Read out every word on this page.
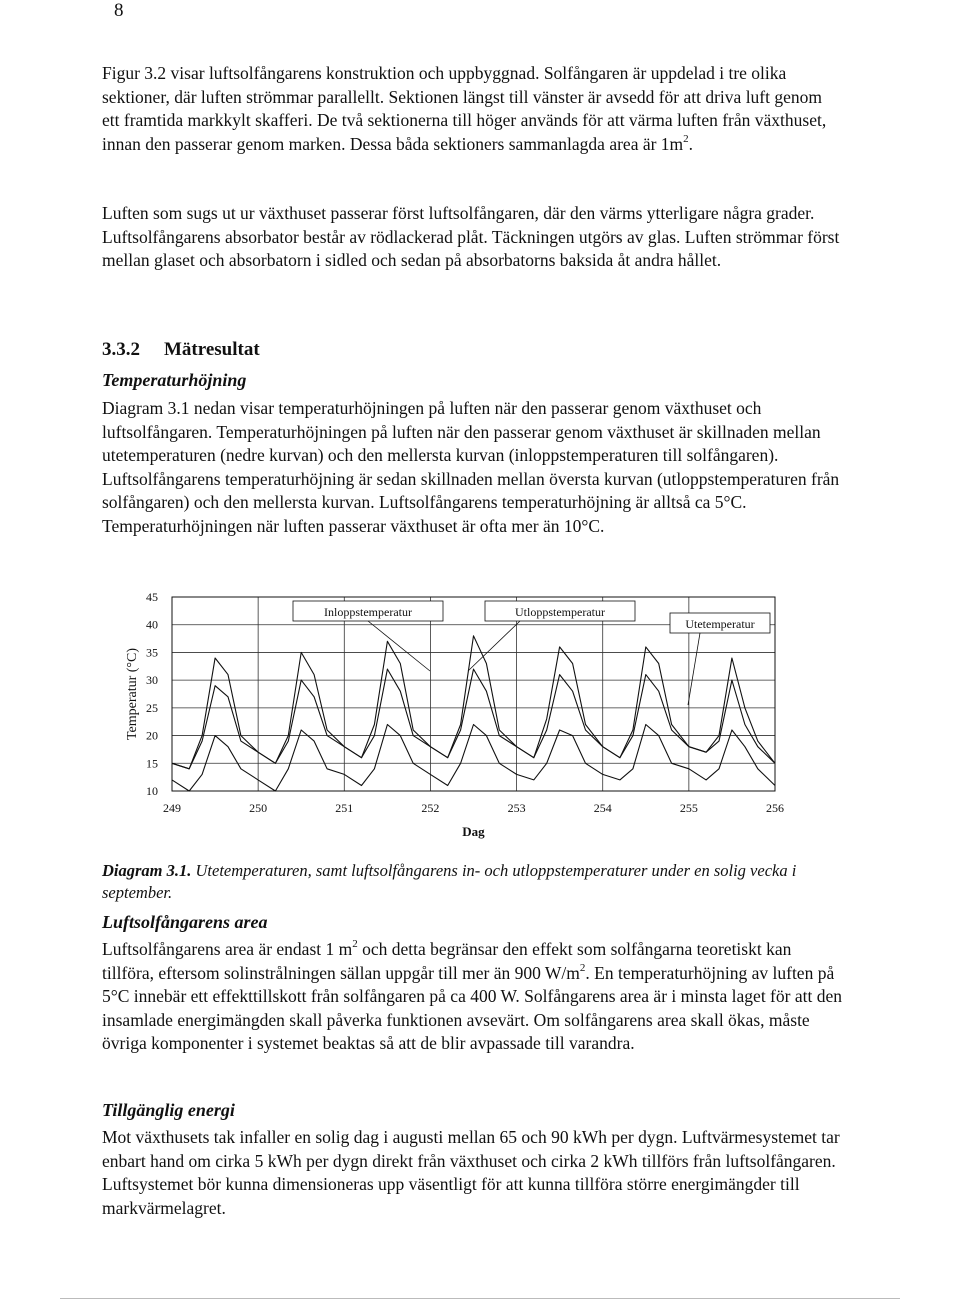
8

Figur 3.2 visar luftsolfångarens konstruktion och uppbyggnad. Solfångaren är uppdelad i tre olika sektioner, där luften strömmar parallellt. Sektionen längst till vänster är avsedd för att driva luft genom ett framtida markkylt skafferi. De två sektionerna till höger används för att värma luften från växthuset, innan den passerar genom marken. Dessa båda sektioners sammanlagda area är $1m^2$.

Luften som sugs ut ur växthuset passerar först luftsolfångaren, där den värms ytterligare några grader. Luftsolfångarens absorbator består av rödlackerad plåt. Täckningen utgörs av glas. Luften strömmar först mellan glaset och absorbatorn i sidled och sedan på absorbatorns baksida åt andra hållet.

3.3.2 Mätresultat
Temperaturhöjning

Diagram 3.1 nedan visar temperaturhöjningen på luften när den passerar genom växthuset och luftsolfångaren. Temperaturhöjningen på luften när den passerar genom växthuset är skillnaden mellan utetemperaturen (nedre kurvan) och den mellersta kurvan (inloppstemperaturen till solfångaren). Luftsolfångarens temperaturhöjning är sedan skillnaden mellan översta kurvan (utloppstemperaturen från solfångaren) och den mellersta kurvan. Luftsolfångarens temperaturhöjning är alltså ca 5°C. Temperaturhöjningen när luften passerar växthuset är ofta mer än 10°C.

45
40
35
30
25
20
15
10
249	250	251	252	253	254	255	256
Dag
Temperatur (°C)
Inloppstemperatur	Utloppstemperatur
Utetemperatur

Diagram 3.1. Utetemperaturen, samt luftsolfångarens in- och utloppstemperaturer under en solig vecka i september.

Luftsolfångarens area

Luftsolfångarens area är endast 1 $m^2$ och detta begränsar den effekt som solfångarna teoretiskt kan tillföra, eftersom solinstrålningen sällan uppgår till mer än 900 $W/m^2$. En temperaturhöjning av luften på 5°C innebär ett effekttillskott från solfångaren på ca 400 W. Solfångarens area är i minsta laget för att den insamlade energimängden skall påverka funktionen avsevärt. Om solfångarens area skall ökas, måste övriga komponenter i systemet beaktas så att de blir avpassade till varandra.

Tillgänglig energi

Mot växthusets tak infaller en solig dag i augusti mellan 65 och 90 kWh per dygn. Luftvärmesystemet tar enbart hand om cirka 5 kWh per dygn direkt från växthuset och cirka 2 kWh tillförs från luftsolfångaren. Luftsystemet bör kunna dimensioneras upp väsentligt för att kunna tillföra större energimängder till markvärmelagret.
